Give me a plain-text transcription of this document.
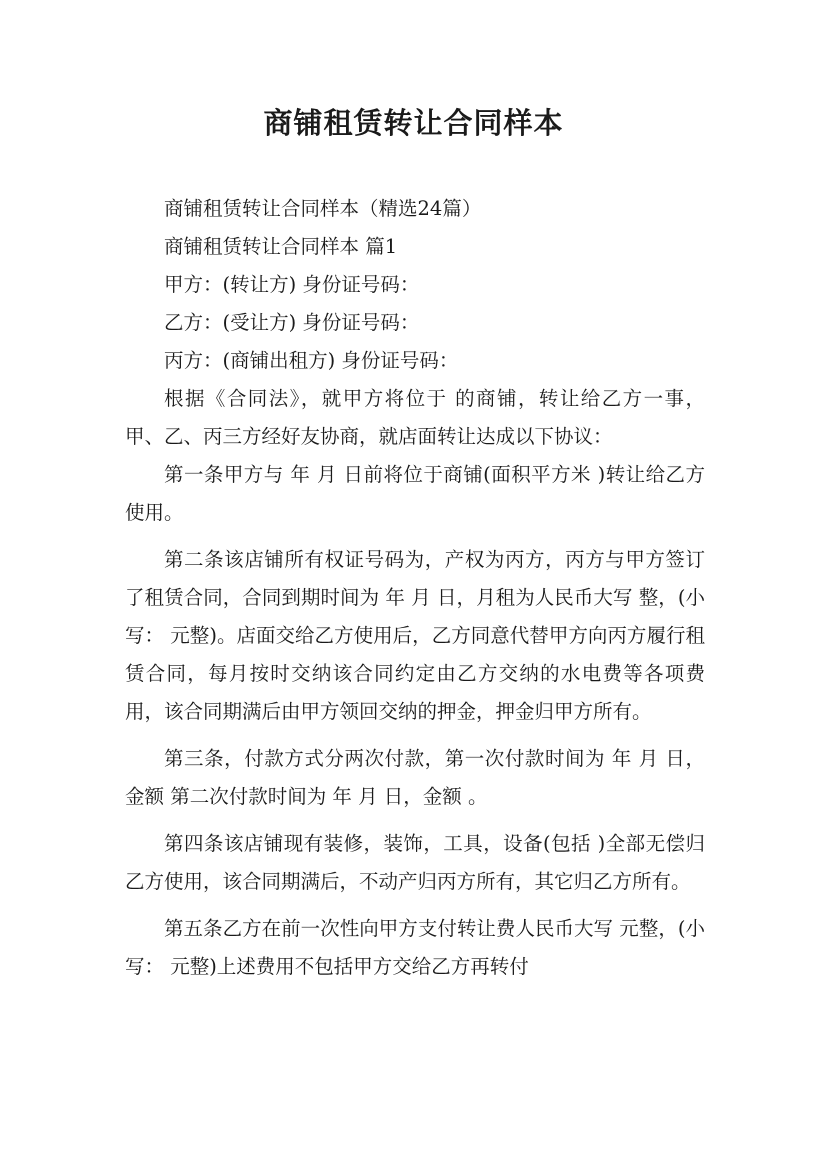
商铺租赁转让合同样本

商铺租赁转让合同样本（精选24篇）

商铺租赁转让合同样本 篇1

甲方：(转让方) 身份证号码：

乙方：(受让方) 身份证号码：

丙方：(商铺出租方) 身份证号码：

根据《合同法》，就甲方将位于 的商铺，转让给乙方一事，甲、乙、丙三方经好友协商，就店面转让达成以下协议：

第一条甲方与 年 月 日前将位于商铺(面积平方米 )转让给乙方使用。

第二条该店铺所有权证号码为，产权为丙方，丙方与甲方签订了租赁合同，合同到期时间为 年 月 日，月租为人民币大写 整，(小写： 元整)。店面交给乙方使用后，乙方同意代替甲方向丙方履行租赁合同，每月按时交纳该合同约定由乙方交纳的水电费等各项费用，该合同期满后由甲方领回交纳的押金，押金归甲方所有。

第三条，付款方式分两次付款，第一次付款时间为 年 月 日，金额 第二次付款时间为 年 月 日，金额 。

第四条该店铺现有装修，装饰，工具，设备(包括 )全部无偿归乙方使用，该合同期满后，不动产归丙方所有，其它归乙方所有。

第五条乙方在前一次性向甲方支付转让费人民币大写 元整，(小写： 元整)上述费用不包括甲方交给乙方再转付
